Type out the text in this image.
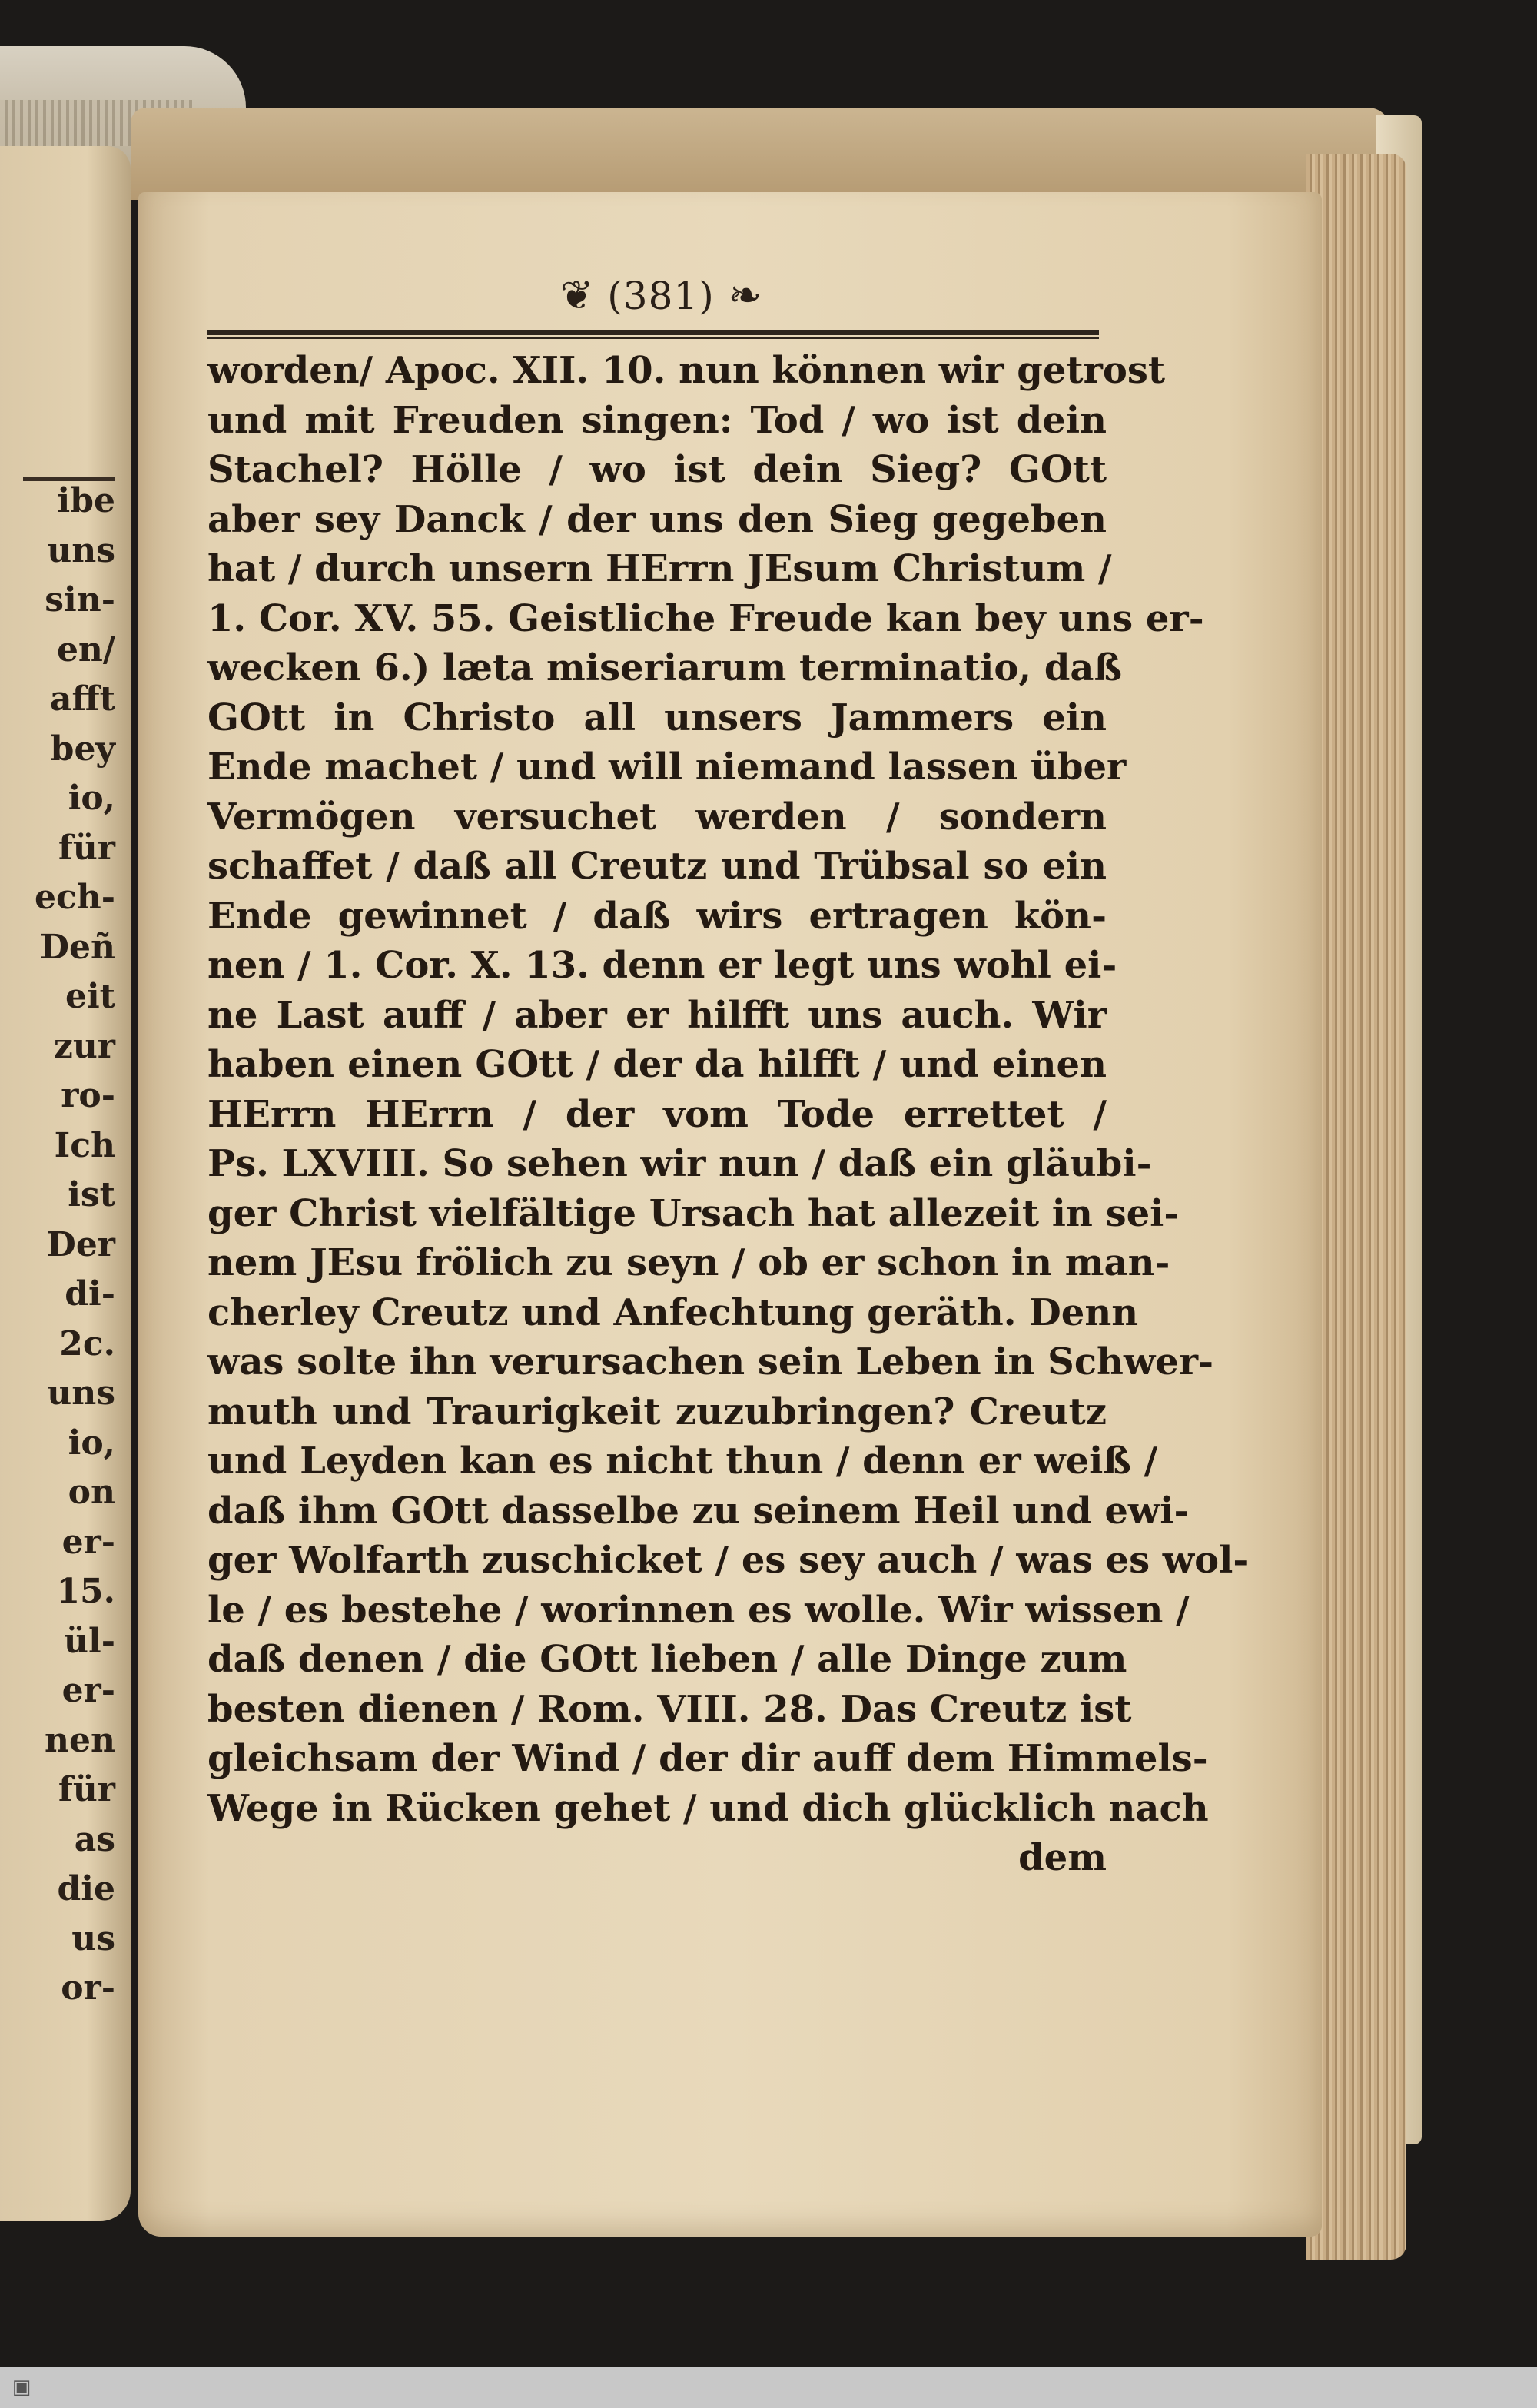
ibe
uns
sin-
en/
afft
bey
io,
für
ech-
Deñ
eit
zur
ro-
Ich
ist
Der
di-
2c.
uns
io,
on
er-
15.
ül-
er-
nen
für
as
die
us
or-
❦ (381) ❧
worden/ Apoc. XII. 10. nun können wir getrost
und mit Freuden singen: Tod / wo ist dein
Stachel? Hölle / wo ist dein Sieg? GOtt
aber sey Danck / der uns den Sieg gegeben
hat / durch unsern HErrn JEsum Christum /
1. Cor. XV. 55. Geistliche Freude kan bey uns er-
wecken 6.) læta miseriarum terminatio, daß
GOtt in Christo all unsers Jammers ein
Ende machet / und will niemand lassen über
Vermögen versuchet werden / sondern
schaffet / daß all Creutz und Trübsal so ein
Ende gewinnet / daß wirs ertragen kön-
nen / 1. Cor. X. 13. denn er legt uns wohl ei-
ne Last auff / aber er hilfft uns auch. Wir
haben einen GOtt / der da hilfft / und einen
HErrn HErrn / der vom Tode errettet /
Ps. LXVIII. So sehen wir nun / daß ein gläubi-
ger Christ vielfältige Ursach hat allezeit in sei-
nem JEsu frölich zu seyn / ob er schon in man-
cherley Creutz und Anfechtung geräth. Denn
was solte ihn verursachen sein Leben in Schwer-
muth und Traurigkeit zuzubringen? Creutz
und Leyden kan es nicht thun / denn er weiß /
daß ihm GOtt dasselbe zu seinem Heil und ewi-
ger Wolfarth zuschicket / es sey auch / was es wol-
le / es bestehe / worinnen es wolle. Wir wissen /
daß denen / die GOtt lieben / alle Dinge zum
besten dienen / Rom. VIII. 28. Das Creutz ist
gleichsam der Wind / der dir auff dem Himmels-
Wege in Rücken gehet / und dich glücklich nach
dem
▣
